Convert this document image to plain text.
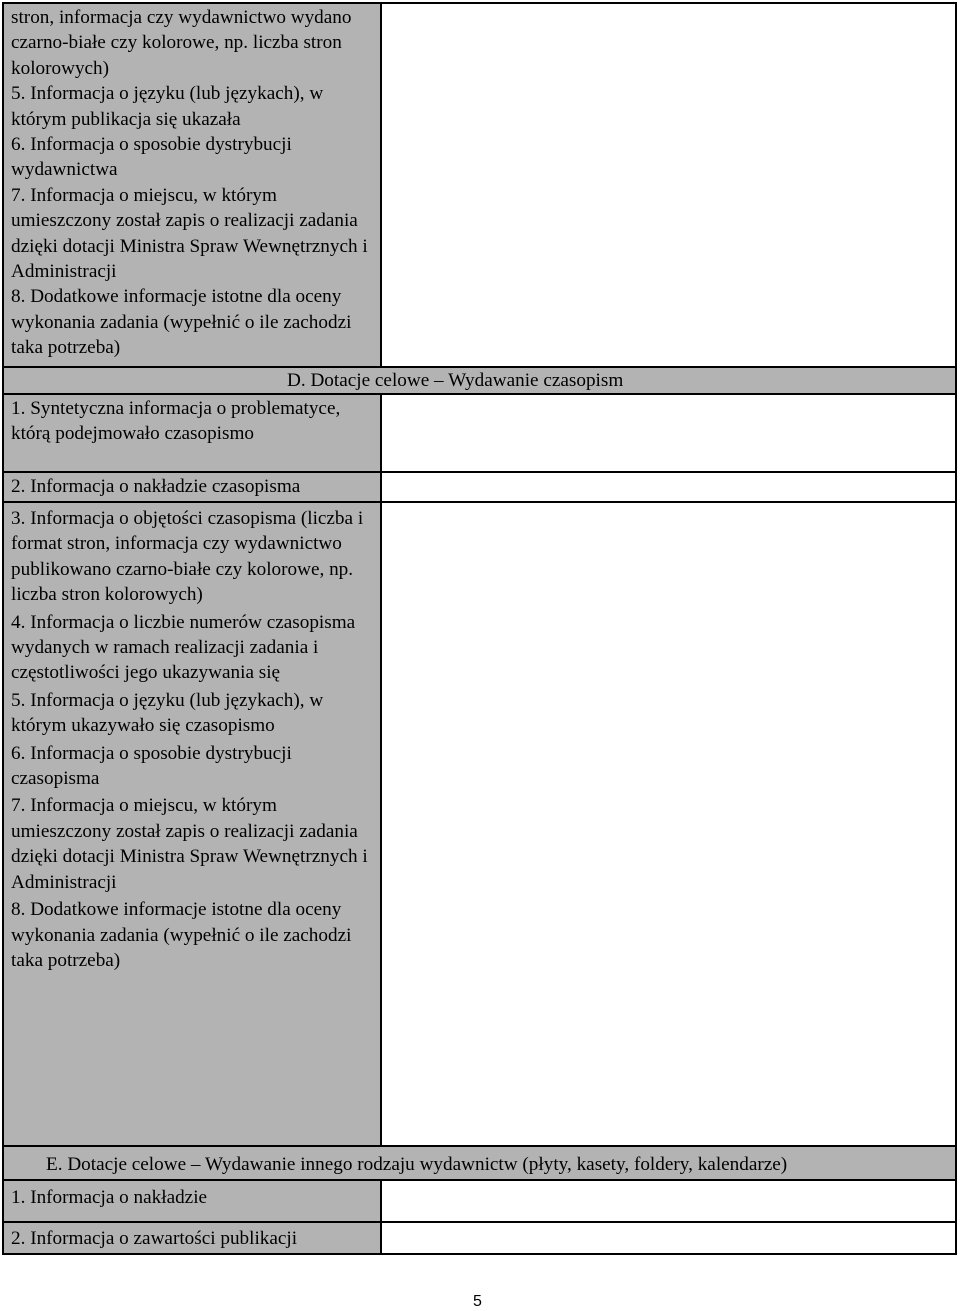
stron, informacja czy wydawnictwo wydano czarno-białe czy kolorowe, np. liczba stron kolorowych)
5. Informacja o języku (lub językach), w którym publikacja się ukazała
6. Informacja o sposobie dystrybucji wydawnictwa
7. Informacja o miejscu, w którym umieszczony został zapis o realizacji zadania dzięki dotacji Ministra Spraw Wewnętrznych i Administracji
8. Dodatkowe informacje istotne dla oceny wykonania zadania (wypełnić o ile zachodzi taka potrzeba)
D. Dotacje celowe – Wydawanie czasopism
1. Syntetyczna informacja o problematyce, którą podejmowało czasopismo
2. Informacja o nakładzie czasopisma
3. Informacja o objętości czasopisma (liczba i format stron, informacja czy wydawnictwo publikowano czarno-białe czy kolorowe, np. liczba stron kolorowych)
4. Informacja o liczbie numerów czasopisma wydanych w ramach realizacji zadania i częstotliwości jego ukazywania się
5. Informacja o języku (lub językach), w którym ukazywało się czasopismo
6. Informacja o sposobie dystrybucji czasopisma
7. Informacja o miejscu, w którym umieszczony został zapis o realizacji zadania dzięki dotacji Ministra Spraw Wewnętrznych i Administracji
8. Dodatkowe informacje istotne dla oceny wykonania zadania (wypełnić o ile zachodzi taka potrzeba)
E. Dotacje celowe – Wydawanie innego rodzaju wydawnictw (płyty, kasety, foldery, kalendarze)
1. Informacja o nakładzie
2. Informacja o zawartości publikacji
5
